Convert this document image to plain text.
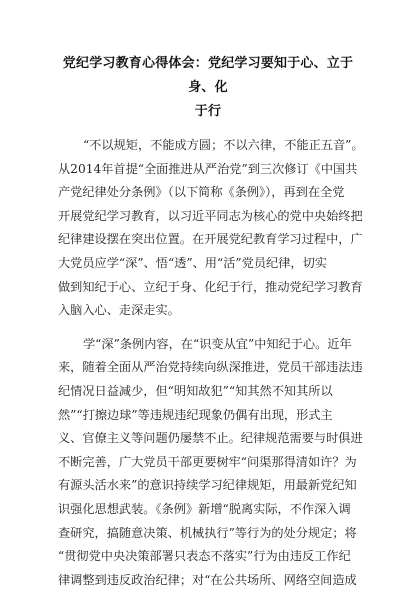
党纪学习教育心得体会：党纪学习要知于心、立于身、化
于行

“不以规矩，不能成方圆；不以六律，不能正五音”。
从2014年首提“全面推进从严治党”到三次修订《中国共
产党纪律处分条例》（以下简称《条例》），再到在全党
开展党纪学习教育，以习近平同志为核心的党中央始终把
纪律建设摆在突出位置。在开展党纪教育学习过程中，广
大党员应学“深”、悟“透”、用“活”党员纪律，切实
做到知纪于心、立纪于身、化纪于行，推动党纪学习教育
入脑入心、走深走实。

学“深”条例内容，在“识变从宜”中知纪于心。近年
来，随着全面从严治党持续向纵深推进，党员干部违法违
纪情况日益减少，但“明知故犯”“知其然不知其所以
然”“打擦边球”等违规违纪现象仍偶有出现，形式主
义、官僚主义等问题仍屡禁不止。纪律规范需要与时俱进
不断完善，广大党员干部更要树牢“问渠那得清如许？为
有源头活水来”的意识持续学习纪律规矩，用最新党纪知
识强化思想武装。《条例》新增“脱离实际，不作深入调
查研究，搞随意决策、机械执行”等行为的处分规定；将
“贯彻党中央决策部署只表态不落实”行为由违反工作纪
律调整到违反政治纪律；对“在公共场所、网络空间造成
